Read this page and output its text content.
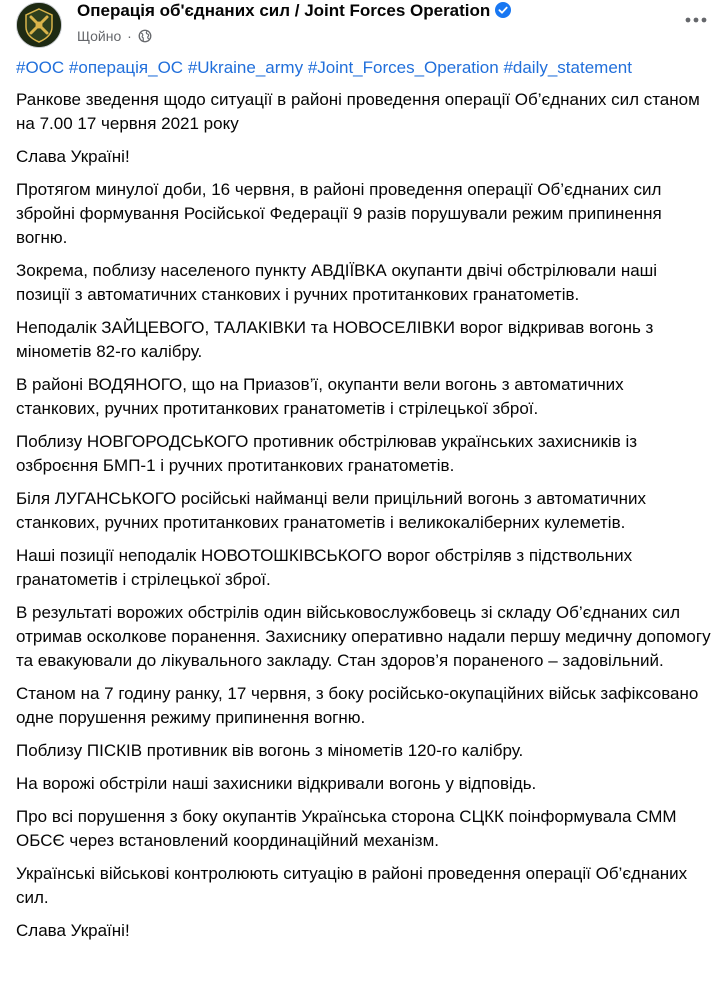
Операція об'єднаних сил / Joint Forces Operation
Щойно ·
#ООС #операція_ОС #Ukraine_army #Joint_Forces_Operation #daily_statement

Ранкове зведення щодо ситуації в районі проведення операції Об’єднаних сил станом на 7.00 17 червня 2021 року

Слава Україні!

Протягом минулої доби, 16 червня, в районі проведення операції Об’єднаних сил збройні формування Російської Федерації 9 разів порушували режим припинення вогню.

Зокрема, поблизу населеного пункту АВДІЇВКА окупанти двічі обстрілювали наші позиції з автоматичних станкових і ручних протитанкових гранатометів.

Неподалік ЗАЙЦЕВОГО, ТАЛАКІВКИ та НОВОСЕЛІВКИ ворог відкривав вогонь з мінометів 82-го калібру.

В районі ВОДЯНОГО, що на Приазов’ї, окупанти вели вогонь з автоматичних станкових, ручних протитанкових гранатометів і стрілецької зброї.

Поблизу НОВГОРОДСЬКОГО противник обстрілював українських захисників із озброєння БМП-1 і ручних протитанкових гранатометів.

Біля ЛУГАНСЬКОГО російські найманці вели прицільний вогонь з автоматичних станкових, ручних протитанкових гранатометів і великокаліберних кулеметів.

Наші позиції неподалік НОВОТОШКІВСЬКОГО ворог обстріляв з підствольних гранатометів і стрілецької зброї.

В результаті ворожих обстрілів один військовослужбовець зі складу Об’єднаних сил отримав осколкове поранення. Захиснику оперативно надали першу медичну допомогу та евакуювали до лікувального закладу. Стан здоров’я пораненого – задовільний.

Станом на 7 годину ранку, 17 червня, з боку російсько-окупаційних військ зафіксовано одне порушення режиму припинення вогню.

Поблизу ПІСКІВ противник вів вогонь з мінометів 120-го калібру.

На ворожі обстріли наші захисники відкривали вогонь у відповідь.

Про всі порушення з боку окупантів Українська сторона СЦКК поінформувала СММ ОБСЄ через встановлений координаційний механізм.

Українські військові контролюють ситуацію в районі проведення операції Об’єднаних сил.

Слава Україні!
